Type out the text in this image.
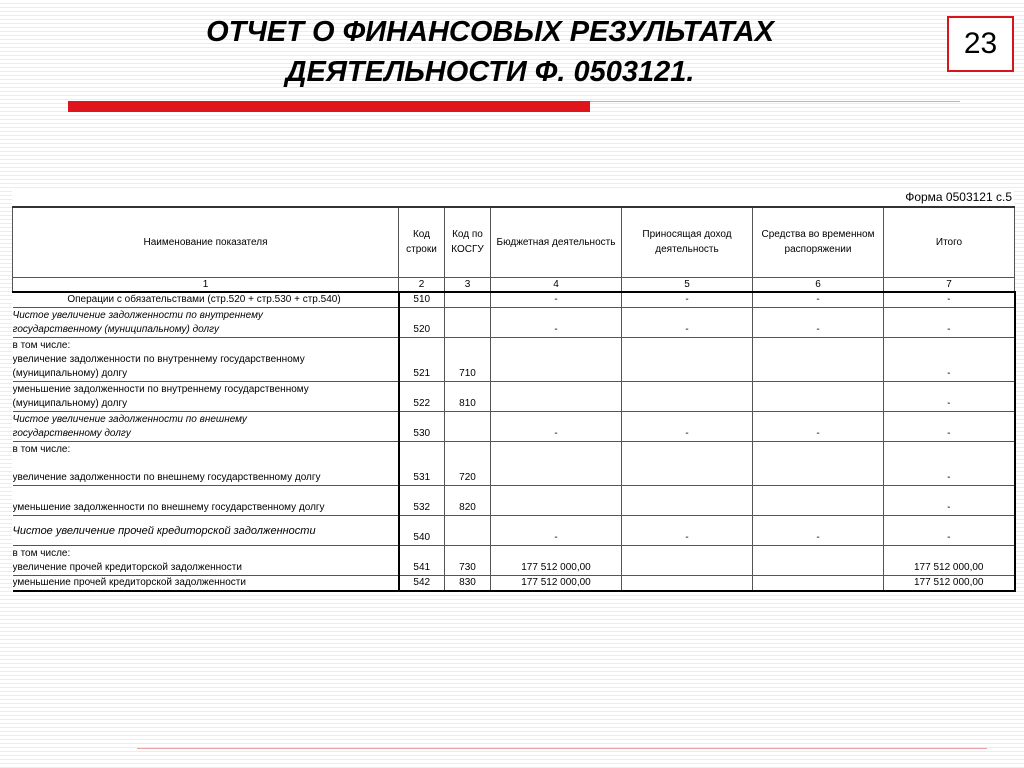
ОТЧЕТ О ФИНАНСОВЫХ РЕЗУЛЬТАТАХ
ДЕЯТЕЛЬНОСТИ Ф. 0503121.
23
Форма 0503121 с.5
Наименование показателя	Код строки	Код по КОСГУ	Бюджетная деятельность	Приносящая доход деятельность	Средства во временном распоряжении	Итого
1	2	3	4	5	6	7

Операции с обязательствами (стр.520 + стр.530 + стр.540)	510		-	-	-	-

Чистое увеличение задолженности по внутреннему
государственному (муниципальному) долгу	520		-	-	-	-

в том числе:
увеличение задолженности по внутреннему государственному
(муниципальному) долгу	521	710				-

уменьшение задолженности по внутреннему государственному
(муниципальному) долгу	522	810				-

Чистое увеличение задолженности по внешнему
государственному долгу	530		-	-	-	-

в том числе:
увеличение задолженности по внешнему государственному долгу	531	720				-

уменьшение задолженности по внешнему государственному долгу	532	820				-

Чистое увеличение прочей кредиторской задолженности	540		-	-	-	-

в том числе:
увеличение прочей кредиторской задолженности	541	730	177 512 000,00			177 512 000,00

уменьшение прочей кредиторской задолженности	542	830	177 512 000,00			177 512 000,00
